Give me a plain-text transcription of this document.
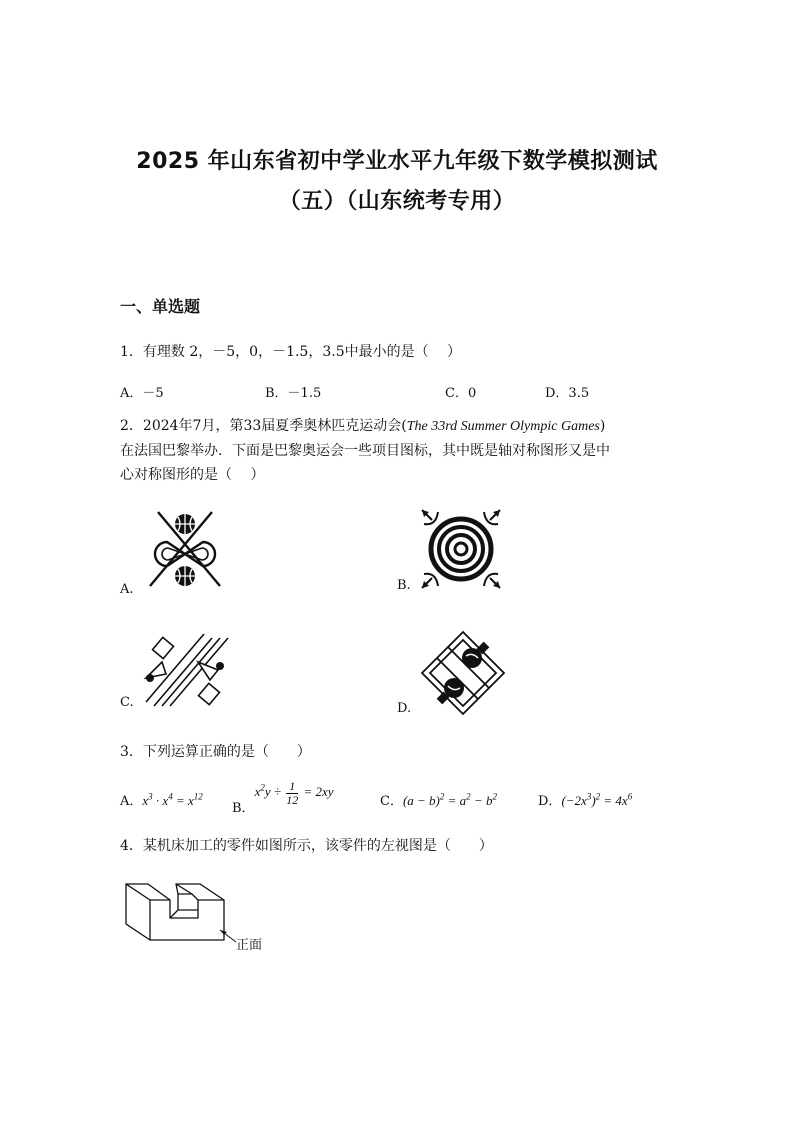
2025 年山东省初中学业水平九年级下数学模拟测试
（五）（山东统考专用）
一、单选题
1．有理数 2，－5，0，－1.5，3.5中最小的是（　 ）
A．－5	B．－1.5	C．0	D．3.5
2．2024年7月，第33届夏季奥林匹克运动会(The 33rd Summer Olympic Games)
在法国巴黎举办．下面是巴黎奥运会一些项目图标，其中既是轴对称图形又是中
心对称图形的是（　 ）
A.	B.
C.	D.
3．下列运算正确的是（　　）
A．$x^3 \cdot x^4 = x^{12}$
B．$x^2y \div \frac{1}{12} = 2xy$
C．$(a - b)^2 = a^2 - b^2$	D．$(-2x^3)^2 = 4x^6$
4．某机床加工的零件如图所示，该零件的左视图是（　　）
正面
